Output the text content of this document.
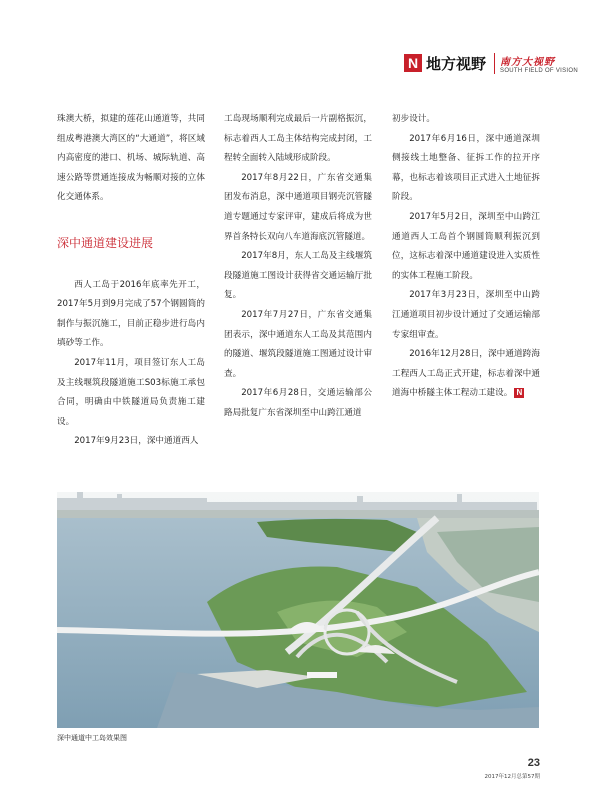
N 地方视野 南方大视野
SOUTH FIELD OF VISION

珠澳大桥，拟建的莲花山通道等，共同组成粤港澳大湾区的“大通道”，将区域内高密度的港口、机场、城际轨道、高速公路等贯通连接成为畅顺对接的立体化交通体系。

深中通道建设进展

西人工岛于2016年底率先开工，2017年5月到9月完成了57个钢圆筒的制作与振沉施工，目前正稳步进行岛内填砂等工作。

2017年11月，项目签订东人工岛及主线堰筑段隧道施工S03标施工承包合同，明确由中铁隧道局负责施工建设。

2017年9月23日，深中通道西人

工岛现场顺利完成最后一片副格振沉，标志着西人工岛主体结构完成封闭，工程转全面转入陆域形成阶段。

2017年8月22日，广东省交通集团发布消息，深中通道项目钢壳沉管隧道专题通过专家评审，建成后将成为世界首条特长双向八车道海底沉管隧道。

2017年8月，东人工岛及主线堰筑段隧道施工图设计获得省交通运输厅批复。

2017年7月27日，广东省交通集团表示，深中通道东人工岛及其范围内的隧道、堰筑段隧道施工图通过设计审查。

2017年6月28日，交通运输部公路局批复广东省深圳至中山跨江通道

初步设计。

2017年6月16日，深中通道深圳侧接线土地整备、征拆工作的拉开序幕，也标志着该项目正式进入土地征拆阶段。

2017年5月2日，深圳至中山跨江通道西人工岛首个钢圆筒顺利振沉到位，这标志着深中通道建设进入实质性的实体工程施工阶段。

2017年3月23日，深圳至中山跨江通道项目初步设计通过了交通运输部专家组审查。

2016年12月28日，深中通道跨海工程西人工岛正式开建，标志着深中通道海中桥隧主体工程动工建设。 N

深中通道中工岛效果图
23
2017年12月总第57期
